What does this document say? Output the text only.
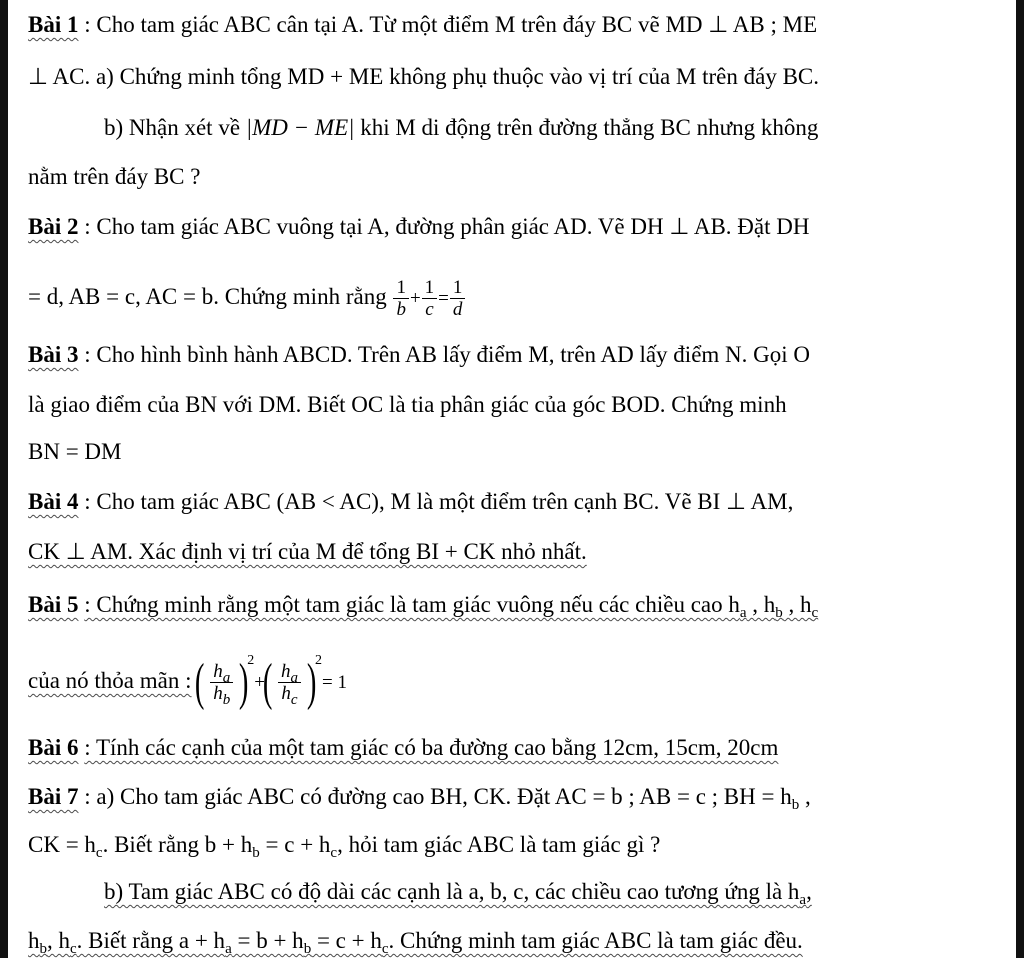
Bài 1 : Cho tam giác ABC cân tại A. Từ một điểm M trên đáy BC vẽ MD ⊥ AB ; ME
⊥ AC. a) Chứng minh tổng MD + ME không phụ thuộc vào vị trí của M trên đáy BC.
b) Nhận xét về |MD − ME| khi M di động trên đường thẳng BC nhưng không
nằm trên đáy BC ?
Bài 2 : Cho tam giác ABC vuông tại A, đường phân giác AD. Vẽ DH ⊥ AB. Đặt DH
= d, AB = c, AC = b. Chứng minh rằng $\frac{1}{b} + \frac{1}{c} = \frac{1}{d}$
Bài 3 : Cho hình bình hành ABCD. Trên AB lấy điểm M, trên AD lấy điểm N. Gọi O
là giao điểm của BN với DM. Biết OC là tia phân giác của góc BOD. Chứng minh
BN = DM
Bài 4 : Cho tam giác ABC (AB < AC), M là một điểm trên cạnh BC. Vẽ BI ⊥ AM,
CK ⊥ AM. Xác định vị trí của M để tổng BI + CK nhỏ nhất.
Bài 5 : Chứng minh rằng một tam giác là tam giác vuông nếu các chiều cao $h_a$ , $h_b$ , $h_c$
của nó thỏa mãn : ( $\frac{h_a}{h_b}$ )
$^2$+
( $\frac{h_a}{h_c}$ )
$^2$= 1
Bài 6 : Tính các cạnh của một tam giác có ba đường cao bằng 12cm, 15cm, 20cm
Bài 7 : a) Cho tam giác ABC có đường cao BH, CK. Đặt AC = b ; AB = c ; BH = $h_b$ ,
CK = $h_c$. Biết rằng $b + h_b = c + h_c$, hỏi tam giác ABC là tam giác gì ?
b) Tam giác ABC có độ dài các cạnh là a, b, c, các chiều cao tương ứng là $h_a$,
$h_b$, $h_c$. Biết rằng $a + h_a = b + h_b = c + h_c$. Chứng minh tam giác ABC là tam giác đều.
